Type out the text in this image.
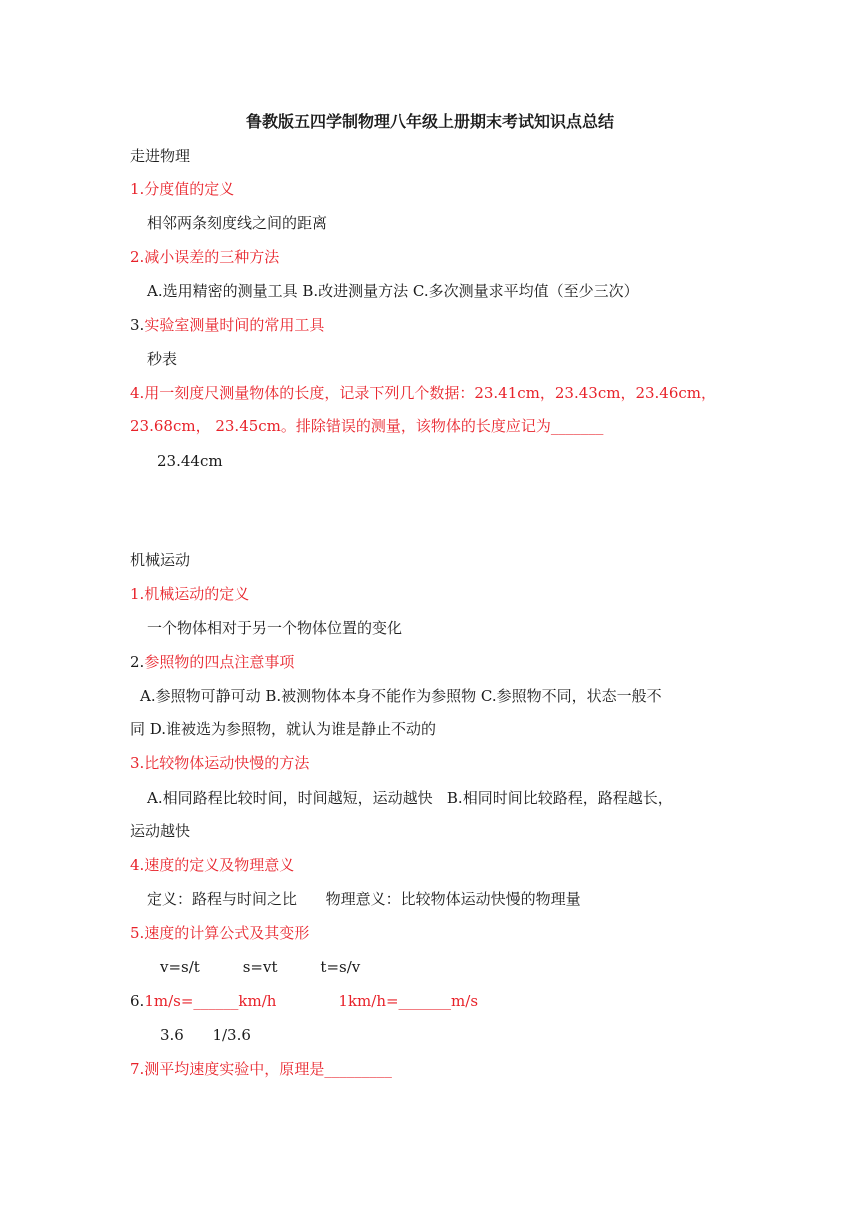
鲁教版五四学制物理八年级上册期末考试知识点总结
走进物理
1.分度值的定义
相邻两条刻度线之间的距离
2.减小误差的三种方法
A.选用精密的测量工具 B.改进测量方法 C.多次测量求平均值（至少三次）
3.实验室测量时间的常用工具
秒表
4.用一刻度尺测量物体的长度，记录下列几个数据：23.41cm，23.43cm，23.46cm，
23.68cm， 23.45cm。排除错误的测量，该物体的长度应记为_______
23.44cm
机械运动
1.机械运动的定义
一个物体相对于另一个物体位置的变化
2.参照物的四点注意事项
A.参照物可静可动 B.被测物体本身不能作为参照物 C.参照物不同，状态一般不
同 D.谁被选为参照物，就认为谁是静止不动的
3.比较物体运动快慢的方法
A.相同路程比较时间，时间越短，运动越快   B.相同时间比较路程，路程越长，
运动越快
4.速度的定义及物理意义
定义：路程与时间之比      物理意义：比较物体运动快慢的物理量
5.速度的计算公式及其变形
v=s/t         s=vt         t=s/v
6.1m/s=______km/h             1km/h=_______m/s
3.6      1/3.6
7.测平均速度实验中，原理是_________
